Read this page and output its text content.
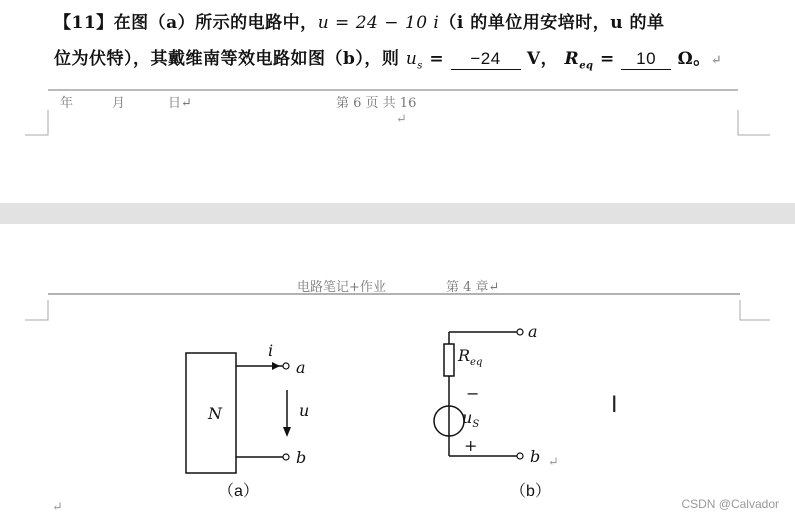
【11】在图（a）所示的电路中，u = 24 − 10 i（i 的单位用安培时，u 的单
位为伏特），其戴维南等效电路如图（b），则 $u_s = -24$ V， $R_{eq} = 10$ Ω。↵
年	月	日↵	第 6 页 共 16
↵
电路笔记+作业	第 4 章↵
N
i
a
u
b
（a）
a
$R_{eq}$
−
$u_S$
+
b ↵
（b）
I
↵	CSDN @Calvador
